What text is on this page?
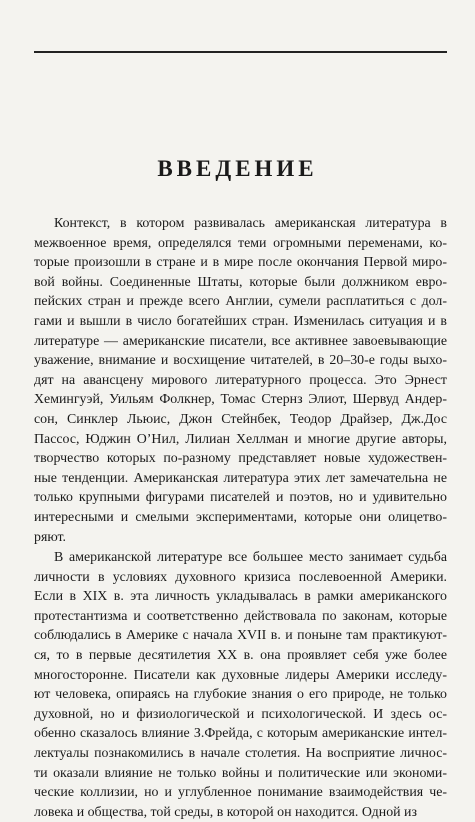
ВВЕДЕНИЕ
Контекст, в котором развивалась американская литература в
межвоенное время, определялся теми огромными переменами, ко-
торые произошли в стране и в мире после окончания Первой миро-
вой войны. Соединенные Штаты, которые были должником евро-
пейских стран и прежде всего Англии, сумели расплатиться с дол-
гами и вышли в число богатейших стран. Изменилась ситуация и в
литературе — американские писатели, все активнее завоевывающие
уважение, внимание и восхищение читателей, в 20–30-е годы выхо-
дят на авансцену мирового литературного процесса. Это Эрнест
Хемингуэй, Уильям Фолкнер, Томас Стернз Элиот, Шервуд Андер-
сон, Синклер Льюис, Джон Стейнбек, Теодор Драйзер, Дж.Дос
Пассос, Юджин О’Нил, Лилиан Хеллман и многие другие авторы,
творчество которых по-разному представляет новые художествен-
ные тенденции. Американская литература этих лет замечательна не
только крупными фигурами писателей и поэтов, но и удивительно
интересными и смелыми экспериментами, которые они олицетво-
ряют.
В американской литературе все большее место занимает судьба
личности в условиях духовного кризиса послевоенной Америки.
Если в XIX в. эта личность укладывалась в рамки американского
протестантизма и соответственно действовала по законам, которые
соблюдались в Америке с начала XVII в. и поныне там практикуют-
ся, то в первые десятилетия XX в. она проявляет себя уже более
многосторонне. Писатели как духовные лидеры Америки исследу-
ют человека, опираясь на глубокие знания о его природе, не только
духовной, но и физиологической и психологической. И здесь ос-
обенно сказалось влияние З.Фрейда, с которым американские интел-
лектуалы познакомились в начале столетия. На восприятие личнос-
ти оказали влияние не только войны и политические или экономи-
ческие коллизии, но и углубленное понимание взаимодействия че-
ловека и общества, той среды, в которой он находится. Одной из
